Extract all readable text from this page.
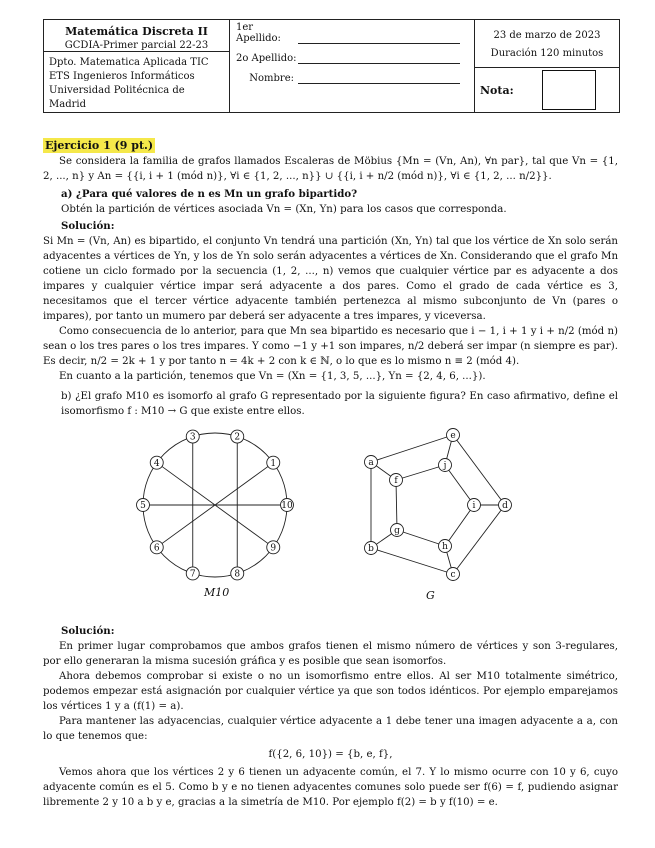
Matemática Discreta II
GCDIA-Primer parcial 22-23
Dpto. Matematica Aplicada TIC
ETS Ingenieros Informáticos
Universidad Politécnica de Madrid
1er Apellido:
2o Apellido:
Nombre:
23 de marzo de 2023
Duración 120 minutos
Nota:
Ejercicio 1 (9 pt.)

Se considera la familia de grafos llamados Escaleras de Möbius {Mn = (Vn, An), ∀n par}, tal que Vn = {1, 2, ..., n} y An = {{i, i + 1 (mód n)}, ∀i ∈ {1, 2, ..., n}} ∪ {{i, i + n/2 (mód n)}, ∀i ∈ {1, 2, ... n/2}}.

a) ¿Para qué valores de n es Mn un grafo bipartido?

Obtén la partición de vértices asociada Vn = (Xn, Yn) para los casos que corresponda.

Solución:

Si Mn = (Vn, An) es bipartido, el conjunto Vn tendrá una partición (Xn, Yn) tal que los vértice de Xn solo serán adyacentes a vértices de Yn, y los de Yn solo serán adyacentes a vértices de Xn. Considerando que el grafo Mn cotiene un ciclo formado por la secuencia (1, 2, ..., n) vemos que cualquier vértice par es adyacente a dos impares y cualquier vértice impar será adyacente a dos pares. Como el grado de cada vértice es 3, necesitamos que el tercer vértice adyacente también pertenezca al mismo subconjunto de Vn (pares o impares), por tanto un mumero par deberá ser adyacente a tres impares, y viceversa.

Como consecuencia de lo anterior, para que Mn sea bipartido es necesario que i − 1, i + 1 y i + n/2 (mód n) sean o los tres pares o los tres impares. Y como −1 y +1 son impares, n/2 deberá ser impar (n siempre es par). Es decir, n/2 = 2k + 1 y por tanto n = 4k + 2 con k ∈ ℕ, o lo que es lo mismo n ≡ 2 (mód 4).

En cuanto a la partición, tenemos que Vn = (Xn = {1, 3, 5, ...}, Yn = {2, 4, 6, ...}).

b) ¿El grafo M10 es isomorfo al grafo G representado por la siguiente figura? En caso afirmativo, define el isomorfismo f : M10 → G que existe entre ellos.

3	2
1
4
10
5
9
6
7	8
e
a	j
f
i	d
g
h
b
c
M10	G
Solución:

En primer lugar comprobamos que ambos grafos tienen el mismo número de vértices y son 3-regulares, por ello generaran la misma sucesión gráfica y es posible que sean isomorfos.

Ahora debemos comprobar si existe o no un isomorfismo entre ellos. Al ser M10 totalmente simétrico, podemos empezar está asignación por cualquier vértice ya que son todos idénticos. Por ejemplo emparejamos los vértices 1 y a (f(1) = a).

Para mantener las adyacencias, cualquier vértice adyacente a 1 debe tener una imagen adyacente a a, con lo que tenemos que:

f({2, 6, 10}) = {b, e, f},

Vemos ahora que los vértices 2 y 6 tienen un adyacente común, el 7. Y lo mismo ocurre con 10 y 6, cuyo adyacente común es el 5. Como b y e no tienen adyacentes comunes solo puede ser f(6) = f, pudiendo asignar libremente 2 y 10 a b y e, gracias a la simetría de M10. Por ejemplo f(2) = b y f(10) = e.
